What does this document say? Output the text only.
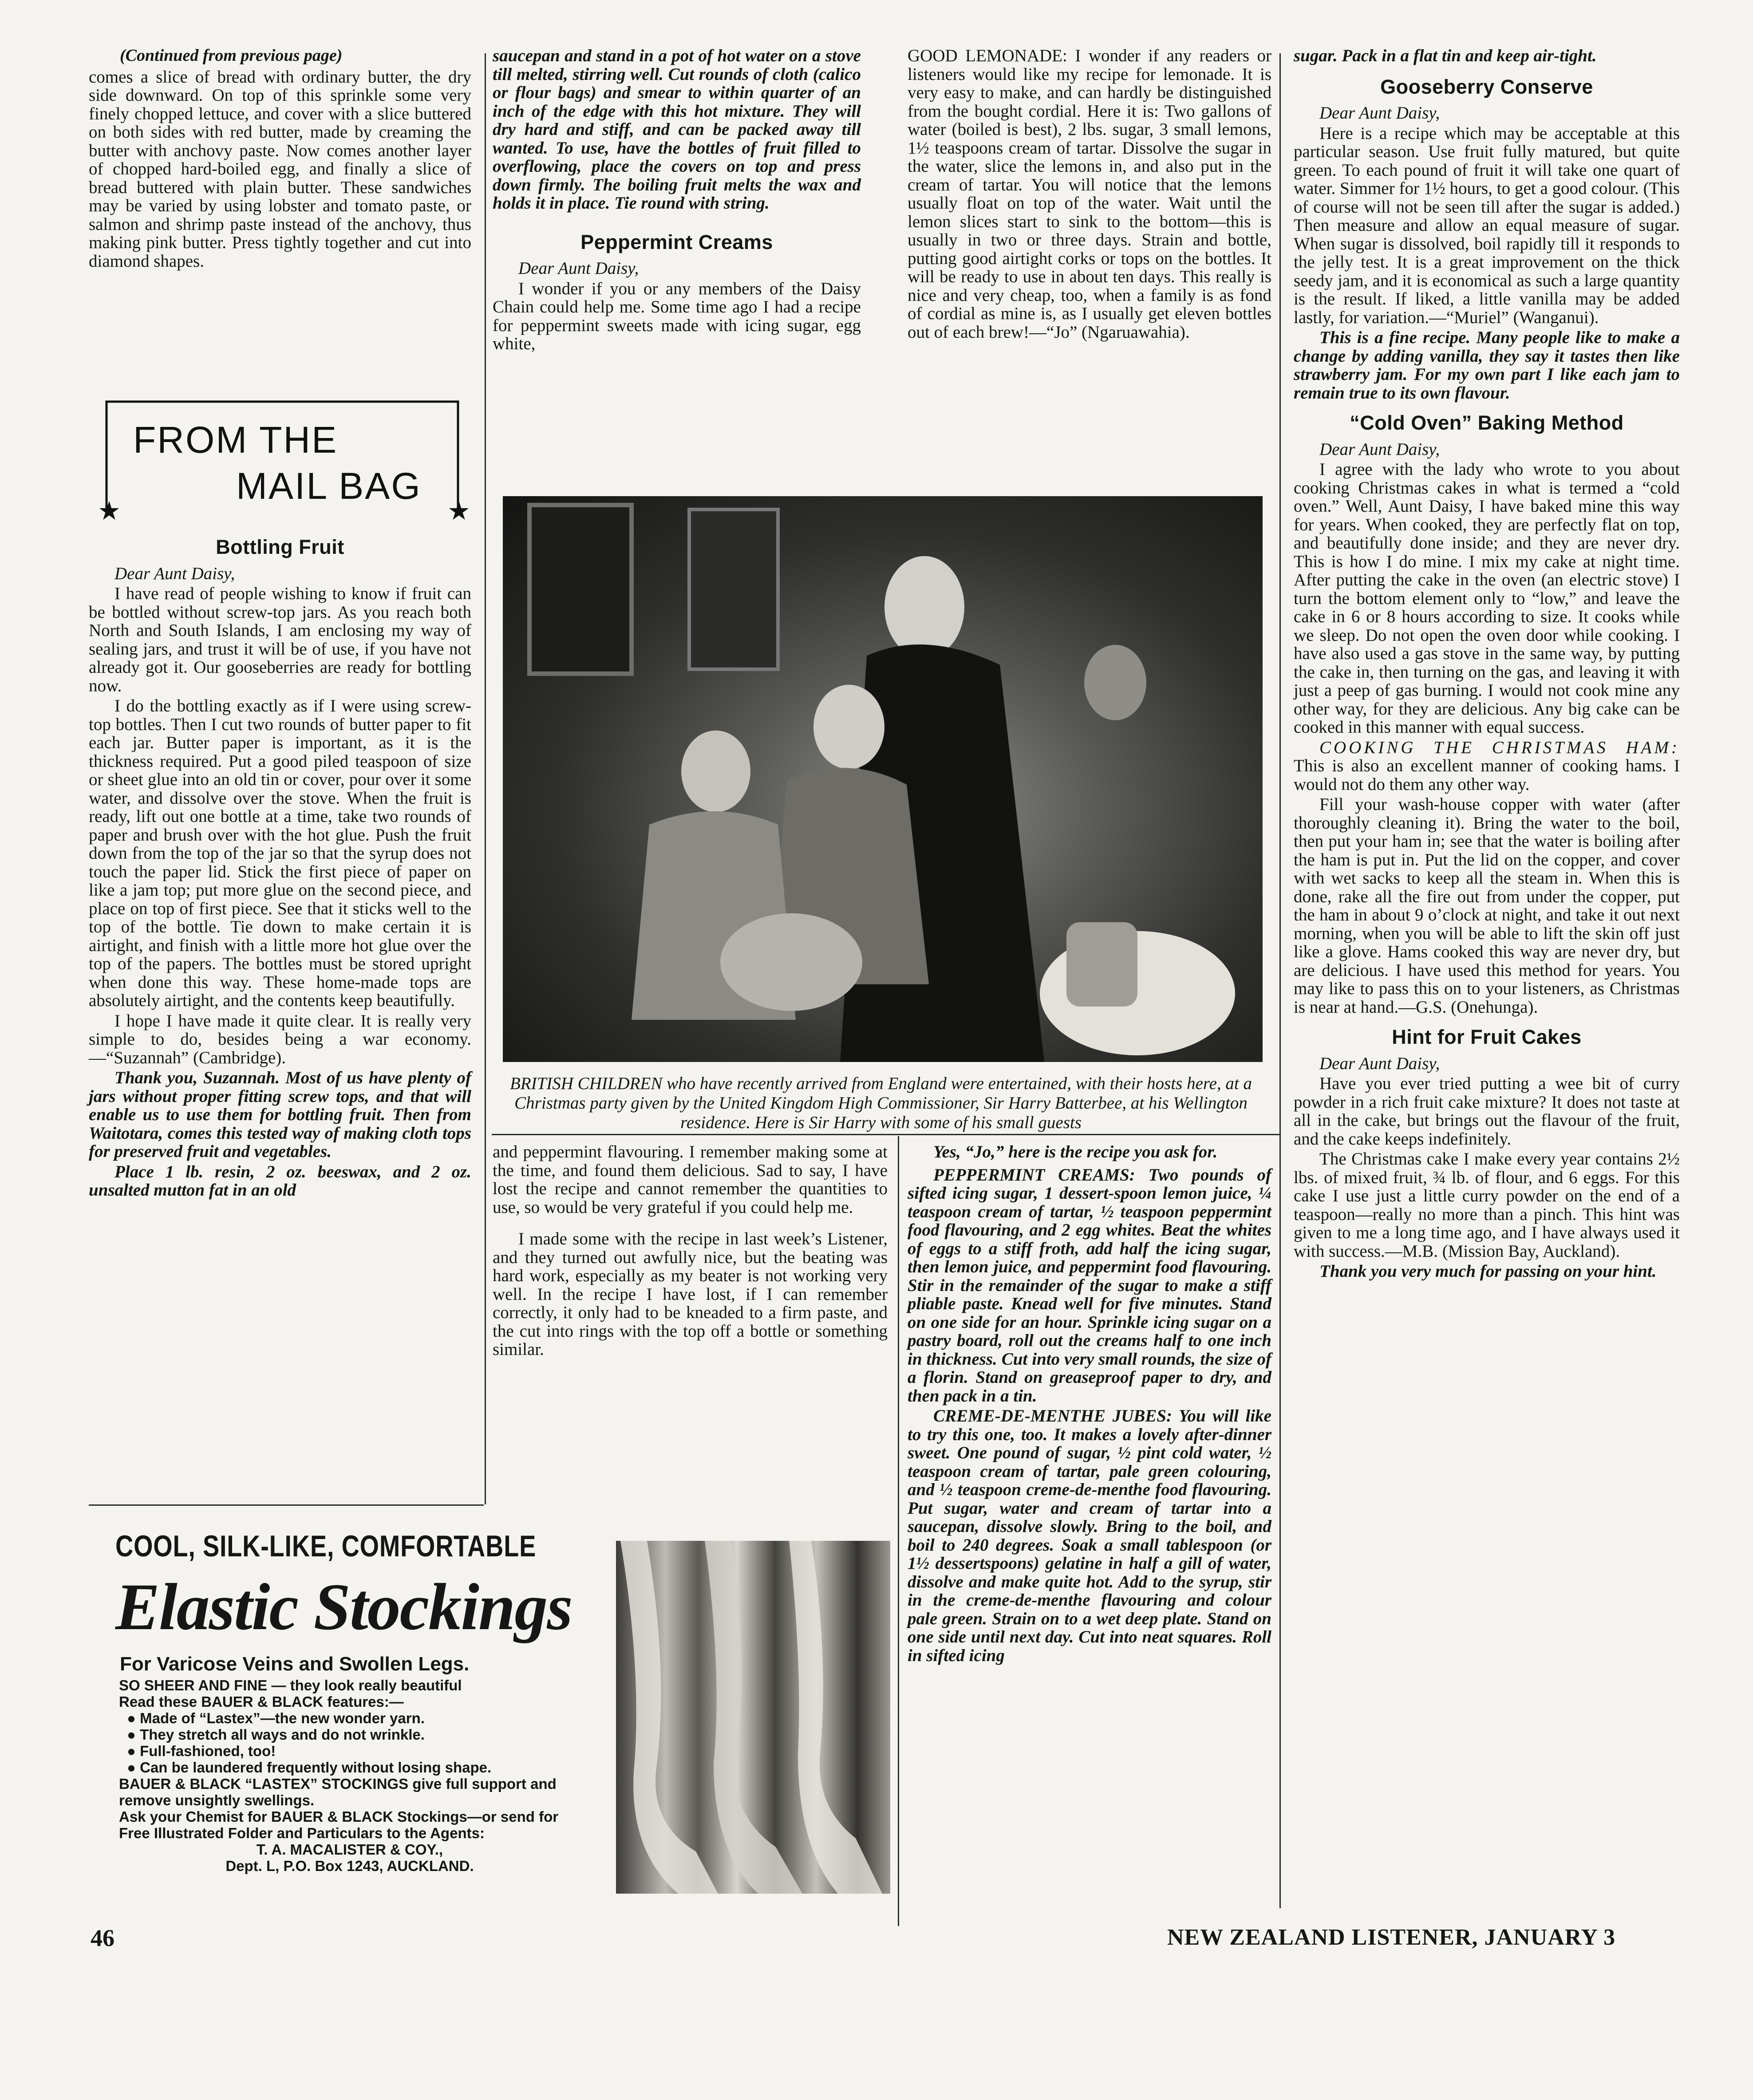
(Continued from previous page)

comes a slice of bread with ordinary butter, the dry side downward. On top of this sprinkle some very finely chopped lettuce, and cover with a slice buttered on both sides with red butter, made by creaming the butter with anchovy paste. Now comes another layer of chopped hard-boiled egg, and finally a slice of bread buttered with plain butter. These sandwiches may be varied by using lobster and tomato paste, or salmon and shrimp paste instead of the anchovy, thus making pink butter. Press tightly together and cut into diamond shapes.

FROM THE
MAIL BAG
★	★
Bottling Fruit

Dear Aunt Daisy,

I have read of people wishing to know if fruit can be bottled without screw-top jars. As you reach both North and South Islands, I am enclosing my way of sealing jars, and trust it will be of use, if you have not already got it. Our gooseberries are ready for bottling now.

I do the bottling exactly as if I were using screw-top bottles. Then I cut two rounds of butter paper to fit each jar. Butter paper is important, as it is the thickness required. Put a good piled teaspoon of size or sheet glue into an old tin or cover, pour over it some water, and dissolve over the stove. When the fruit is ready, lift out one bottle at a time, take two rounds of paper and brush over with the hot glue. Push the fruit down from the top of the jar so that the syrup does not touch the paper lid. Stick the first piece of paper on like a jam top; put more glue on the second piece, and place on top of first piece. See that it sticks well to the top of the bottle. Tie down to make certain it is airtight, and finish with a little more hot glue over the top of the papers. The bottles must be stored upright when done this way. These home-made tops are absolutely airtight, and the contents keep beautifully.

I hope I have made it quite clear. It is really very simple to do, besides being a war economy.—“Suzannah” (Cambridge).

Thank you, Suzannah. Most of us have plenty of jars without proper fitting screw tops, and that will enable us to use them for bottling fruit. Then from Waitotara, comes this tested way of making cloth tops for preserved fruit and vegetables.

Place 1 lb. resin, 2 oz. beeswax, and 2 oz. unsalted mutton fat in an old

saucepan and stand in a pot of hot water on a stove till melted, stirring well. Cut rounds of cloth (calico or flour bags) and smear to within quarter of an inch of the edge with this hot mixture. They will dry hard and stiff, and can be packed away till wanted. To use, have the bottles of fruit filled to overflowing, place the covers on top and press down firmly. The boiling fruit melts the wax and holds it in place. Tie round with string.

Peppermint Creams

Dear Aunt Daisy,

I wonder if you or any members of the Daisy Chain could help me. Some time ago I had a recipe for peppermint sweets made with icing sugar, egg white,

GOOD LEMONADE: I wonder if any readers or listeners would like my recipe for lemonade. It is very easy to make, and can hardly be distinguished from the bought cordial. Here it is: Two gallons of water (boiled is best), 2 lbs. sugar, 3 small lemons, 1½ teaspoons cream of tartar. Dissolve the sugar in the water, slice the lemons in, and also put in the cream of tartar. You will notice that the lemons usually float on top of the water. Wait until the lemon slices start to sink to the bottom—this is usually in two or three days. Strain and bottle, putting good airtight corks or tops on the bottles. It will be ready to use in about ten days. This really is nice and very cheap, too, when a family is as fond of cordial as mine is, as I usually get eleven bottles out of each brew!—“Jo” (Ngaruawahia).

BRITISH CHILDREN who have recently arrived from England were entertained, with their hosts here, at a Christmas party given by the United Kingdom High Commissioner, Sir Harry Batterbee, at his Wellington residence. Here is Sir Harry with some of his small guests

and peppermint flavouring. I remember making some at the time, and found them delicious. Sad to say, I have lost the recipe and cannot remember the quantities to use, so would be very grateful if you could help me.

I made some with the recipe in last week’s Listener, and they turned out awfully nice, but the beating was hard work, especially as my beater is not working very well. In the recipe I have lost, if I can remember correctly, it only had to be kneaded to a firm paste, and the cut into rings with the top off a bottle or something similar.

Yes, “Jo,” here is the recipe you ask for.

PEPPERMINT CREAMS: Two pounds of sifted icing sugar, 1 dessert-spoon lemon juice, ¼ teaspoon cream of tartar, ½ teaspoon peppermint food flavouring, and 2 egg whites. Beat the whites of eggs to a stiff froth, add half the icing sugar, then lemon juice, and peppermint food flavouring. Stir in the remainder of the sugar to make a stiff pliable paste. Knead well for five minutes. Stand on one side for an hour. Sprinkle icing sugar on a pastry board, roll out the creams half to one inch in thickness. Cut into very small rounds, the size of a florin. Stand on greaseproof paper to dry, and then pack in a tin.

CREME-DE-MENTHE JUBES: You will like to try this one, too. It makes a lovely after-dinner sweet. One pound of sugar, ½ pint cold water, ½ teaspoon cream of tartar, pale green colouring, and ½ teaspoon creme-de-menthe food flavouring. Put sugar, water and cream of tartar into a saucepan, dissolve slowly. Bring to the boil, and boil to 240 degrees. Soak a small tablespoon (or 1½ dessertspoons) gelatine in half a gill of water, dissolve and make quite hot. Add to the syrup, stir in the creme-de-menthe flavouring and colour pale green. Strain on to a wet deep plate. Stand on one side until next day. Cut into neat squares. Roll in sifted icing

sugar. Pack in a flat tin and keep air-tight.

Gooseberry Conserve

Dear Aunt Daisy,

Here is a recipe which may be acceptable at this particular season. Use fruit fully matured, but quite green. To each pound of fruit it will take one quart of water. Simmer for 1½ hours, to get a good colour. (This of course will not be seen till after the sugar is added.) Then measure and allow an equal measure of sugar. When sugar is dissolved, boil rapidly till it responds to the jelly test. It is a great improvement on the thick seedy jam, and it is economical as such a large quantity is the result. If liked, a little vanilla may be added lastly, for variation.—“Muriel” (Wanganui).

This is a fine recipe. Many people like to make a change by adding vanilla, they say it tastes then like strawberry jam. For my own part I like each jam to remain true to its own flavour.

“Cold Oven” Baking Method

Dear Aunt Daisy,

I agree with the lady who wrote to you about cooking Christmas cakes in what is termed a “cold oven.” Well, Aunt Daisy, I have baked mine this way for years. When cooked, they are perfectly flat on top, and beautifully done inside; and they are never dry. This is how I do mine. I mix my cake at night time. After putting the cake in the oven (an electric stove) I turn the bottom element only to “low,” and leave the cake in 6 or 8 hours according to size. It cooks while we sleep. Do not open the oven door while cooking. I have also used a gas stove in the same way, by putting the cake in, then turning on the gas, and leaving it with just a peep of gas burning. I would not cook mine any other way, for they are delicious. Any big cake can be cooked in this manner with equal success.

COOKING THE CHRISTMAS HAM: This is also an excellent manner of cooking hams. I would not do them any other way.

Fill your wash-house copper with water (after thoroughly cleaning it). Bring the water to the boil, then put your ham in; see that the water is boiling after the ham is put in. Put the lid on the copper, and cover with wet sacks to keep all the steam in. When this is done, rake all the fire out from under the copper, put the ham in about 9 o’clock at night, and take it out next morning, when you will be able to lift the skin off just like a glove. Hams cooked this way are never dry, but are delicious. I have used this method for years. You may like to pass this on to your listeners, as Christmas is near at hand.—G.S. (Onehunga).

Hint for Fruit Cakes

Dear Aunt Daisy,

Have you ever tried putting a wee bit of curry powder in a rich fruit cake mixture? It does not taste at all in the cake, but brings out the flavour of the fruit, and the cake keeps indefinitely.

The Christmas cake I make every year contains 2½ lbs. of mixed fruit, ¾ lb. of flour, and 6 eggs. For this cake I use just a little curry powder on the end of a teaspoon—really no more than a pinch. This hint was given to me a long time ago, and I have always used it with success.—M.B. (Mission Bay, Auckland).

Thank you very much for passing on your hint.

COOL, SILK-LIKE, COMFORTABLE
Elastic Stockings
For Varicose Veins and Swollen Legs.
SO SHEER AND FINE — they look really beautiful
Read these BAUER & BLACK features:—
● Made of “Lastex”—the new wonder yarn.
● They stretch all ways and do not wrinkle.
● Full-fashioned, too!
● Can be laundered frequently without losing shape.
BAUER & BLACK “LASTEX” STOCKINGS give full support and remove unsightly swellings.
Ask your Chemist for BAUER & BLACK Stockings—or send for Free Illustrated Folder and Particulars to the Agents:
T. A. MACALISTER & COY.,
Dept. L, P.O. Box 1243, AUCKLAND.
46	NEW ZEALAND LISTENER, JANUARY 3
